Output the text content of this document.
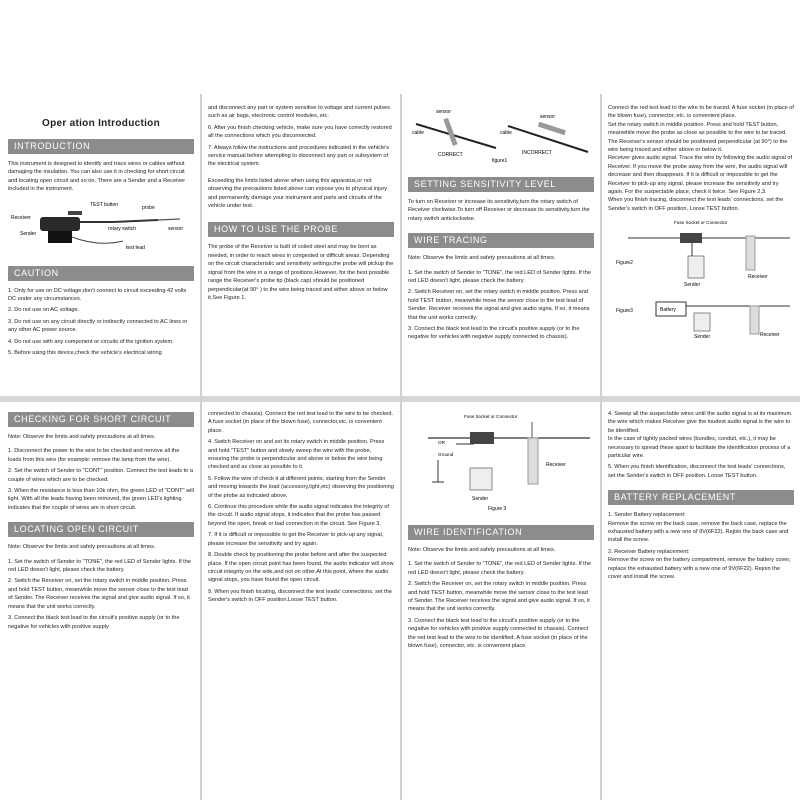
Oper ation Introduction
INTRODUCTION

This instrument is designed to identify and trace wires or cables without damaging the insulation. You can also use it in checking for short circuit and locating open circuit and so on. There are a Sender and a Receiver included in the instrument.

TEST button	probe
Receiver
rotary switch
Sender
sensor
test lead
CAUTION

1. Only for use on DC voltage,don't connect to circuit exceeding 42 volts DC under any circumstances.

2. Do not use on AC voltage.

3. Do not use on any circuit directly or indirectly connected to AC lines or any other AC power source.

4. Do not use with any component or circuits of the ignition system.

5. Before using this device,check the vehicle's electrical wiring

and disconnect any part or system sensitive to voltage and current pulses such as air bags, electronic control modules, etc.

6. After you finish checking vehicle, make sure you have correctly restored all the connections which you disconnected.

7. Always follow the instructions and procedures indicated in the vehicle's service manual before attempting to disconnect any part or subsystem of the electrical system.

Exceeding the limits listed above when using this apparatus,or not observing the precautions listed above can expose you to physical injury and permanently damage your instrument and parts and circuits of the vehicle under test.

HOW TO USE THE PROBE

The probe of the Receiver is built of coiled steel and may be bent as needed, in order to reach wires in congested or difficult areas. Depending on the circuit characteristic and sensitivity settings,the probe will pickup the signal from the wire in a range of positions.However, for the best possible range the Receiver's probe tip (black cap) should be positioned perpendicular(at 90° ) to the wire being traced and either above or below it,See Figure 1.

sensor
cable
CORRECT
cable
sensor
INCORRECT
figure1
SETTING SENSITIVITY LEVEL

To turn on Receiver or increase its sensitivity,turn the rotary switch of Receiver clockwise.To turn off Receiver or decrease its sensitivity,turn the rotary switch anticlockwise.

WIRE TRACING

Note: Observe the limits and safety precautions at all times.

1. Set the switch of Sender to "TONE", the red LED of Sender lights. If the red LED doesn't light, please check the battery.

2. Switch Receiver on, set the rotary switch in middle position. Press and hold TEST button, meanwhile move the sensor close to the test lead of Sender. Receiver receives the signal and give audio signa. If so, it means that the unit works correctly.

3. Connect the black test lead to the circuit's positive supply (or to the negative for vehicles with negative supply connected to chassis).

Connect the red test lead to the wire to be traced. A fuse socket (in place of the blown fuse), connector, etc. is convenient place.
Set the rotary switch in middle position. Press and hold TEST button, meanwhile move the probe as close as possible to the wire to be traced. The Receiver's sensor should be positioned perpendicular (at 90°) to the wire being traced and either above or below it.
Receiver gives audio signal. Trace the wire by following the audio signal of Receiver. If you move the probe away from the wire, the audio signal will decrease and then disappears. If it is difficult or impossible to get the Receiver to pick-up any signal, please increase the sensitivity and try again. For the suspectable place, check it twice. See Figure 2,3.
When you finish tracing, disconnect the test leads' connections, set the Sender's switch in OFF position. Loose TEST button.

Fuse Socket or Connector
Figure2
Sender
Receiver
Figure3	Battery
Sender	Receiver
CHECKING FOR SHORT CIRCUIT

Note: Observe the limits and safety precautions at all times.

1. Disconnect the power to the wire to be checked and remove all the loads from this wire (for example: remove the lamp from the wire).

2. Set the switch of Sender to "CONT" position. Connect the test leads to a couple of wires which are to be checked.

3. When the resistance is less than 10k ohm, the green LED of "CONT" will light. With all the leads having been removed, the green LED's lighting indicates that the couple of wires are in short circuit.

LOCATING OPEN CIRCUIT

Note: Observe the limits and safety precautions at all times.

1. Set the switch of Sender to "TONE", the red LED of Sender lights. If the red LED doesn't light, please check the battery.

2. Switch the Receiver on, set the rotary switch in middle position. Press and hold TEST button, meanwhile move the sensor close to the test lead of Sender. The Receiver receives the signal and give audio signal. If so, it means that the unit works correctly.

3. Connect the black test lead to the circuit's positive supply (or to the negative for vehicles with positive supply

connected to chassis). Connect the red test lead to the wire to be checked. A fuse socket (in place of the blown fuse), connector,etc. is convenient place.

4. Switch Receiver on and set its rotary switch in middle position. Press and hold "TEST" button and slowly sweep the wire with the probe, ensuring the probe is perpendicular and above or below the wire being checked and as close as possible to it.

5. Follow the wire of check it at different points, starting from the Sender and moving towards the load (accessory,light,etc) observing the positioning of the probe as indicated above.

6. Continue this procedure while the audio signal indicates the integrity of the circuit. If audio signal stops, it indicates that the probe has passed beyond the open, break or bad connection in the circuit. See Figure 3.

7. If it is difficult or impossible to get the Receiver to pick-up any signal, please increase the sensitivity and try again.

8. Double check by positioning the probe before and after the suspected place. If the open circuit point has been found, the audio indicator will show circuit integrity on the side,and not on other.At this point, where the audio signal stops, you have found the open circuit.

9. When you finish locating, disconnect the test leads' connections, set the Sender's switch in OFF position.Loose TEST button.

Fuse Socket or Connector
OR
Ground
Sender
Receiver
Figure 3
WIRE IDENTIFICATION

Note: Observe the limits and safety precautions at all times.

1. Set the switch of Sender to "TONE", the red LED of Sender lights. If the red LED doesn't light, please check the battery.

2. Switch the Receiver on, set the rotary switch in middle position. Press and hold TEST button, meanwhile move the sensor close to the test lead of Sender. The Receiver receives the signal and give audio signal. If so, it means that the unit works correctly.

3. Connect the black test lead to the circuit's positive supply (or to the negative for vehicles with positive supply connected to chassis). Connect the red test lead to the wire to be identified. A fuse socket (in place of the blown fuse), connector, etc. is convenient place.

4. Sweep all the suspectable wires until the audio signal is at its maximum. the wire which makes Receiver give the loudest audio signal is the wire to be identified.
In the case of tightly packed wires (bundles, conduit, etc.), it may be necessary to spread these apart to facilitate the identification process of a particular wire.

5. When you finish identification, disconnect the test leads' connections, set the Sender's switch in OFF position. Loose TEST button.

BATTERY REPLACEMENT

1. Sender Battery replacement:
Remove the screw on the back case, remove the back case, replace the exhausted battery with a new one of 9V(6F22). Rejoin the back case and install the screw.

2. Receiver Battery replacement:
Remove the screw on the battery compartment, remove the battery cover, replace the exhausted battery with a new one of 9V(6F22). Rejoin the cover and install the screw.
